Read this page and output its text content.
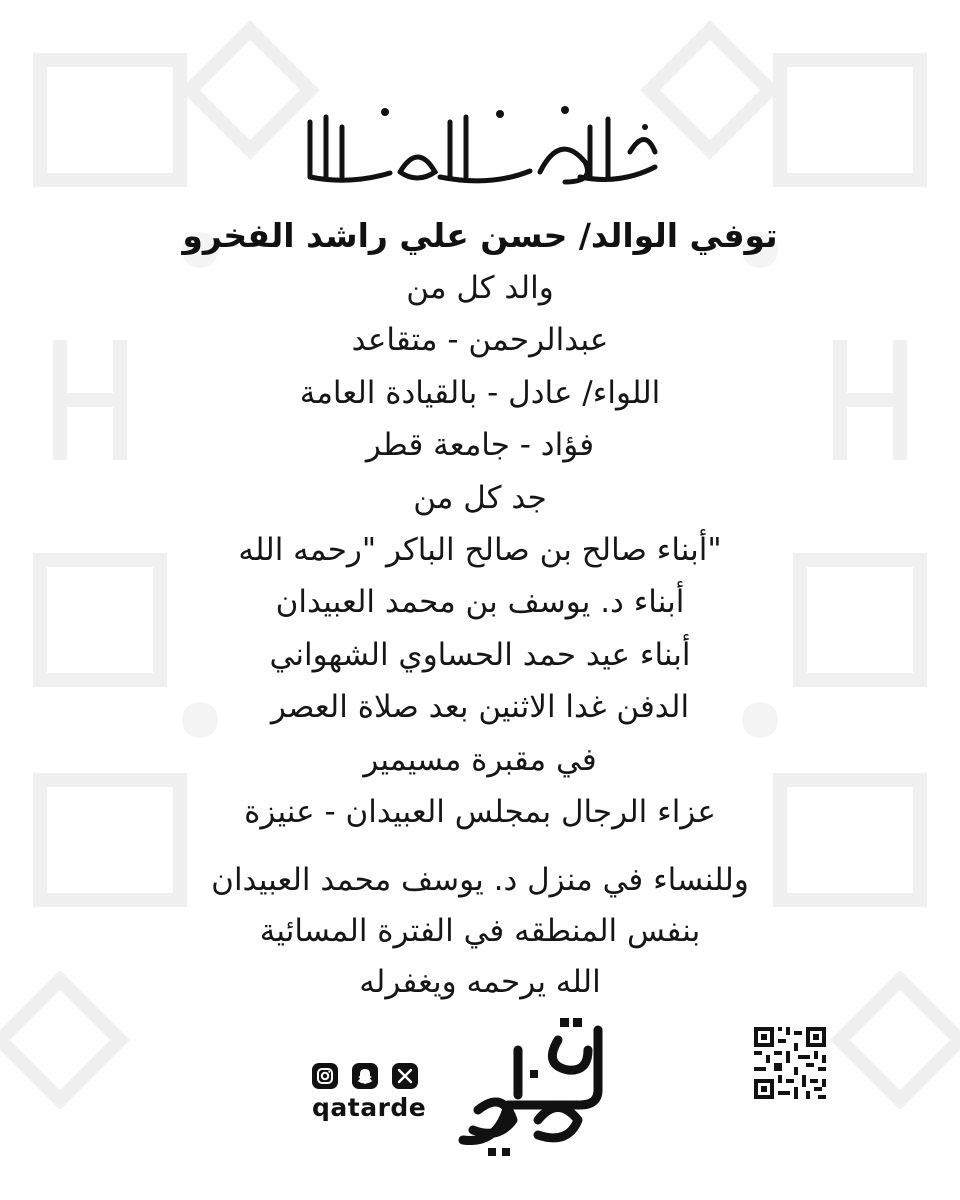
توفي الوالد/ حسن علي راشد الفخرو
والد كل من
عبدالرحمن - متقاعد
اللواء/ عادل - بالقيادة العامة
فؤاد - جامعة قطر
جد كل من
"أبناء صالح بن صالح الباكر "رحمه الله
أبناء د. يوسف بن محمد العبيدان
أبناء عيد حمد الحساوي الشهواني
الدفن غدا الاثنين بعد صلاة العصر
في مقبرة مسيمير
عزاء الرجال بمجلس العبيدان - عنيزة
وللنساء في منزل د. يوسف محمد العبيدان
بنفس المنطقه في الفترة المسائية
الله يرحمه ويغفرله
qatarde
